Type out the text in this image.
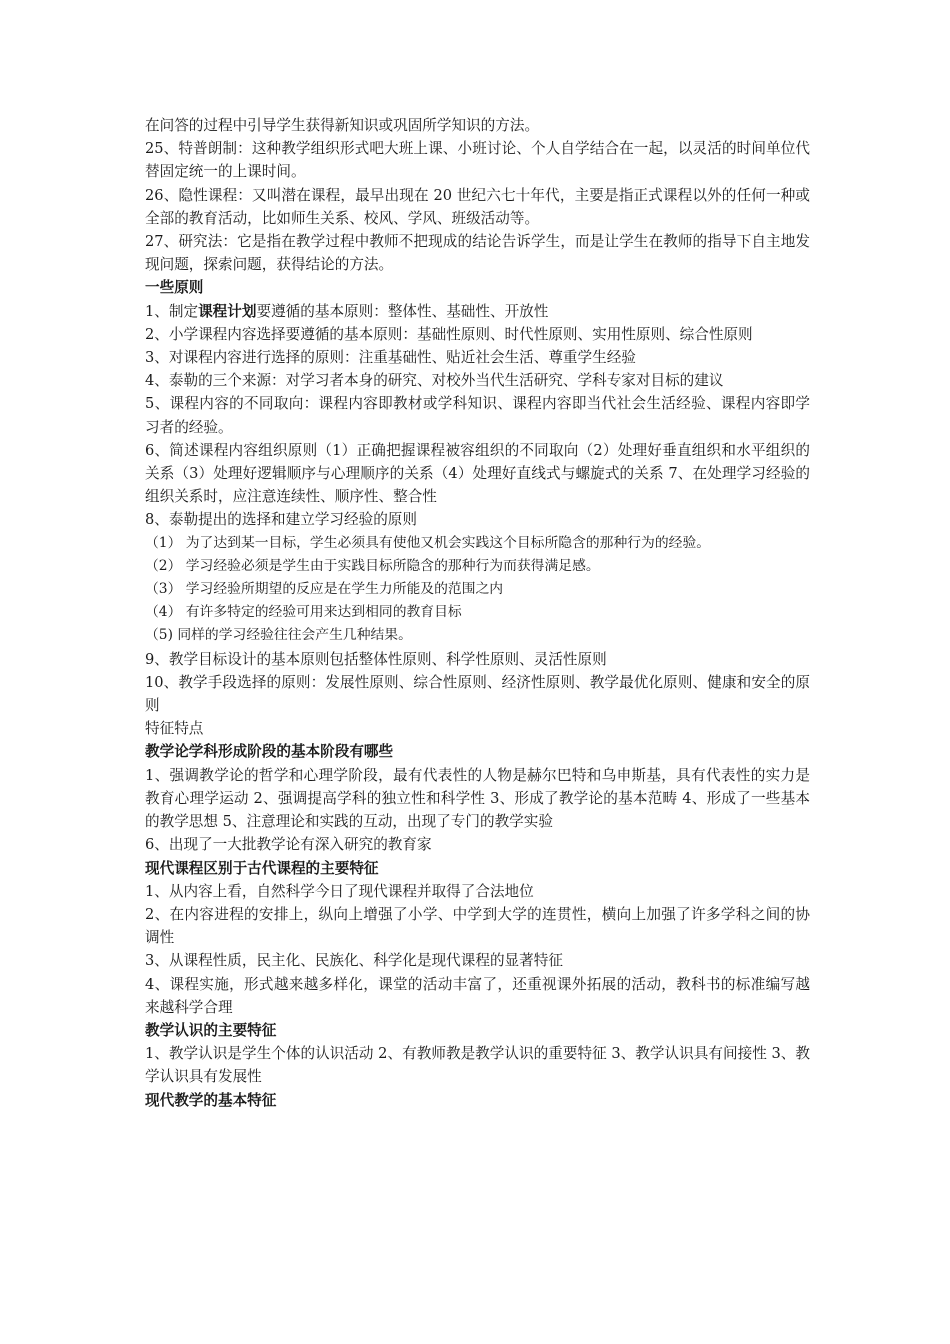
在问答的过程中引导学生获得新知识或巩固所学知识的方法。

25、特普朗制：这种教学组织形式吧大班上课、小班讨论、个人自学结合在一起，以灵活的时间单位代替固定统一的上课时间。

26、隐性课程：又叫潜在课程，最早出现在 20 世纪六七十年代，主要是指正式课程以外的任何一种或全部的教育活动，比如师生关系、校风、学风、班级活动等。

27、研究法：它是指在教学过程中教师不把现成的结论告诉学生，而是让学生在教师的指导下自主地发现问题，探索问题，获得结论的方法。

一些原则

1、制定课程计划要遵循的基本原则：整体性、基础性、开放性

2、小学课程内容选择要遵循的基本原则：基础性原则、时代性原则、实用性原则、综合性原则

3、对课程内容进行选择的原则：注重基础性、贴近社会生活、尊重学生经验

4、泰勒的三个来源：对学习者本身的研究、对校外当代生活研究、学科专家对目标的建议

5、课程内容的不同取向：课程内容即教材或学科知识、课程内容即当代社会生活经验、课程内容即学习者的经验。

6、简述课程内容组织原则（1）正确把握课程被容组织的不同取向（2）处理好垂直组织和水平组织的关系（3）处理好逻辑顺序与心理顺序的关系（4）处理好直线式与螺旋式的关系 7、在处理学习经验的组织关系时，应注意连续性、顺序性、整合性

8、泰勒提出的选择和建立学习经验的原则

（1） 为了达到某一目标，学生必须具有使他又机会实践这个目标所隐含的那种行为的经验。

（2） 学习经验必须是学生由于实践目标所隐含的那种行为而获得满足感。

（3） 学习经验所期望的反应是在学生力所能及的范围之内

（4） 有许多特定的经验可用来达到相同的教育目标

（5) 同样的学习经验往往会产生几种结果。

9、教学目标设计的基本原则包括整体性原则、科学性原则、灵活性原则

10、教学手段选择的原则：发展性原则、综合性原则、经济性原则、教学最优化原则、健康和安全的原则

特征特点

教学论学科形成阶段的基本阶段有哪些

1、强调教学论的哲学和心理学阶段，最有代表性的人物是赫尔巴特和乌申斯基，具有代表性的实力是教育心理学运动 2、强调提高学科的独立性和科学性 3、形成了教学论的基本范畴 4、形成了一些基本的教学思想 5、注意理论和实践的互动，出现了专门的教学实验

6、出现了一大批教学论有深入研究的教育家

现代课程区别于古代课程的主要特征

1、从内容上看，自然科学今日了现代课程并取得了合法地位

2、在内容进程的安排上，纵向上增强了小学、中学到大学的连贯性，横向上加强了许多学科之间的协调性

3、从课程性质，民主化、民族化、科学化是现代课程的显著特征

4、课程实施，形式越来越多样化，课堂的活动丰富了，还重视课外拓展的活动，教科书的标准编写越来越科学合理

教学认识的主要特征

1、教学认识是学生个体的认识活动 2、有教师教是教学认识的重要特征 3、教学认识具有间接性 3、教学认识具有发展性

现代教学的基本特征
